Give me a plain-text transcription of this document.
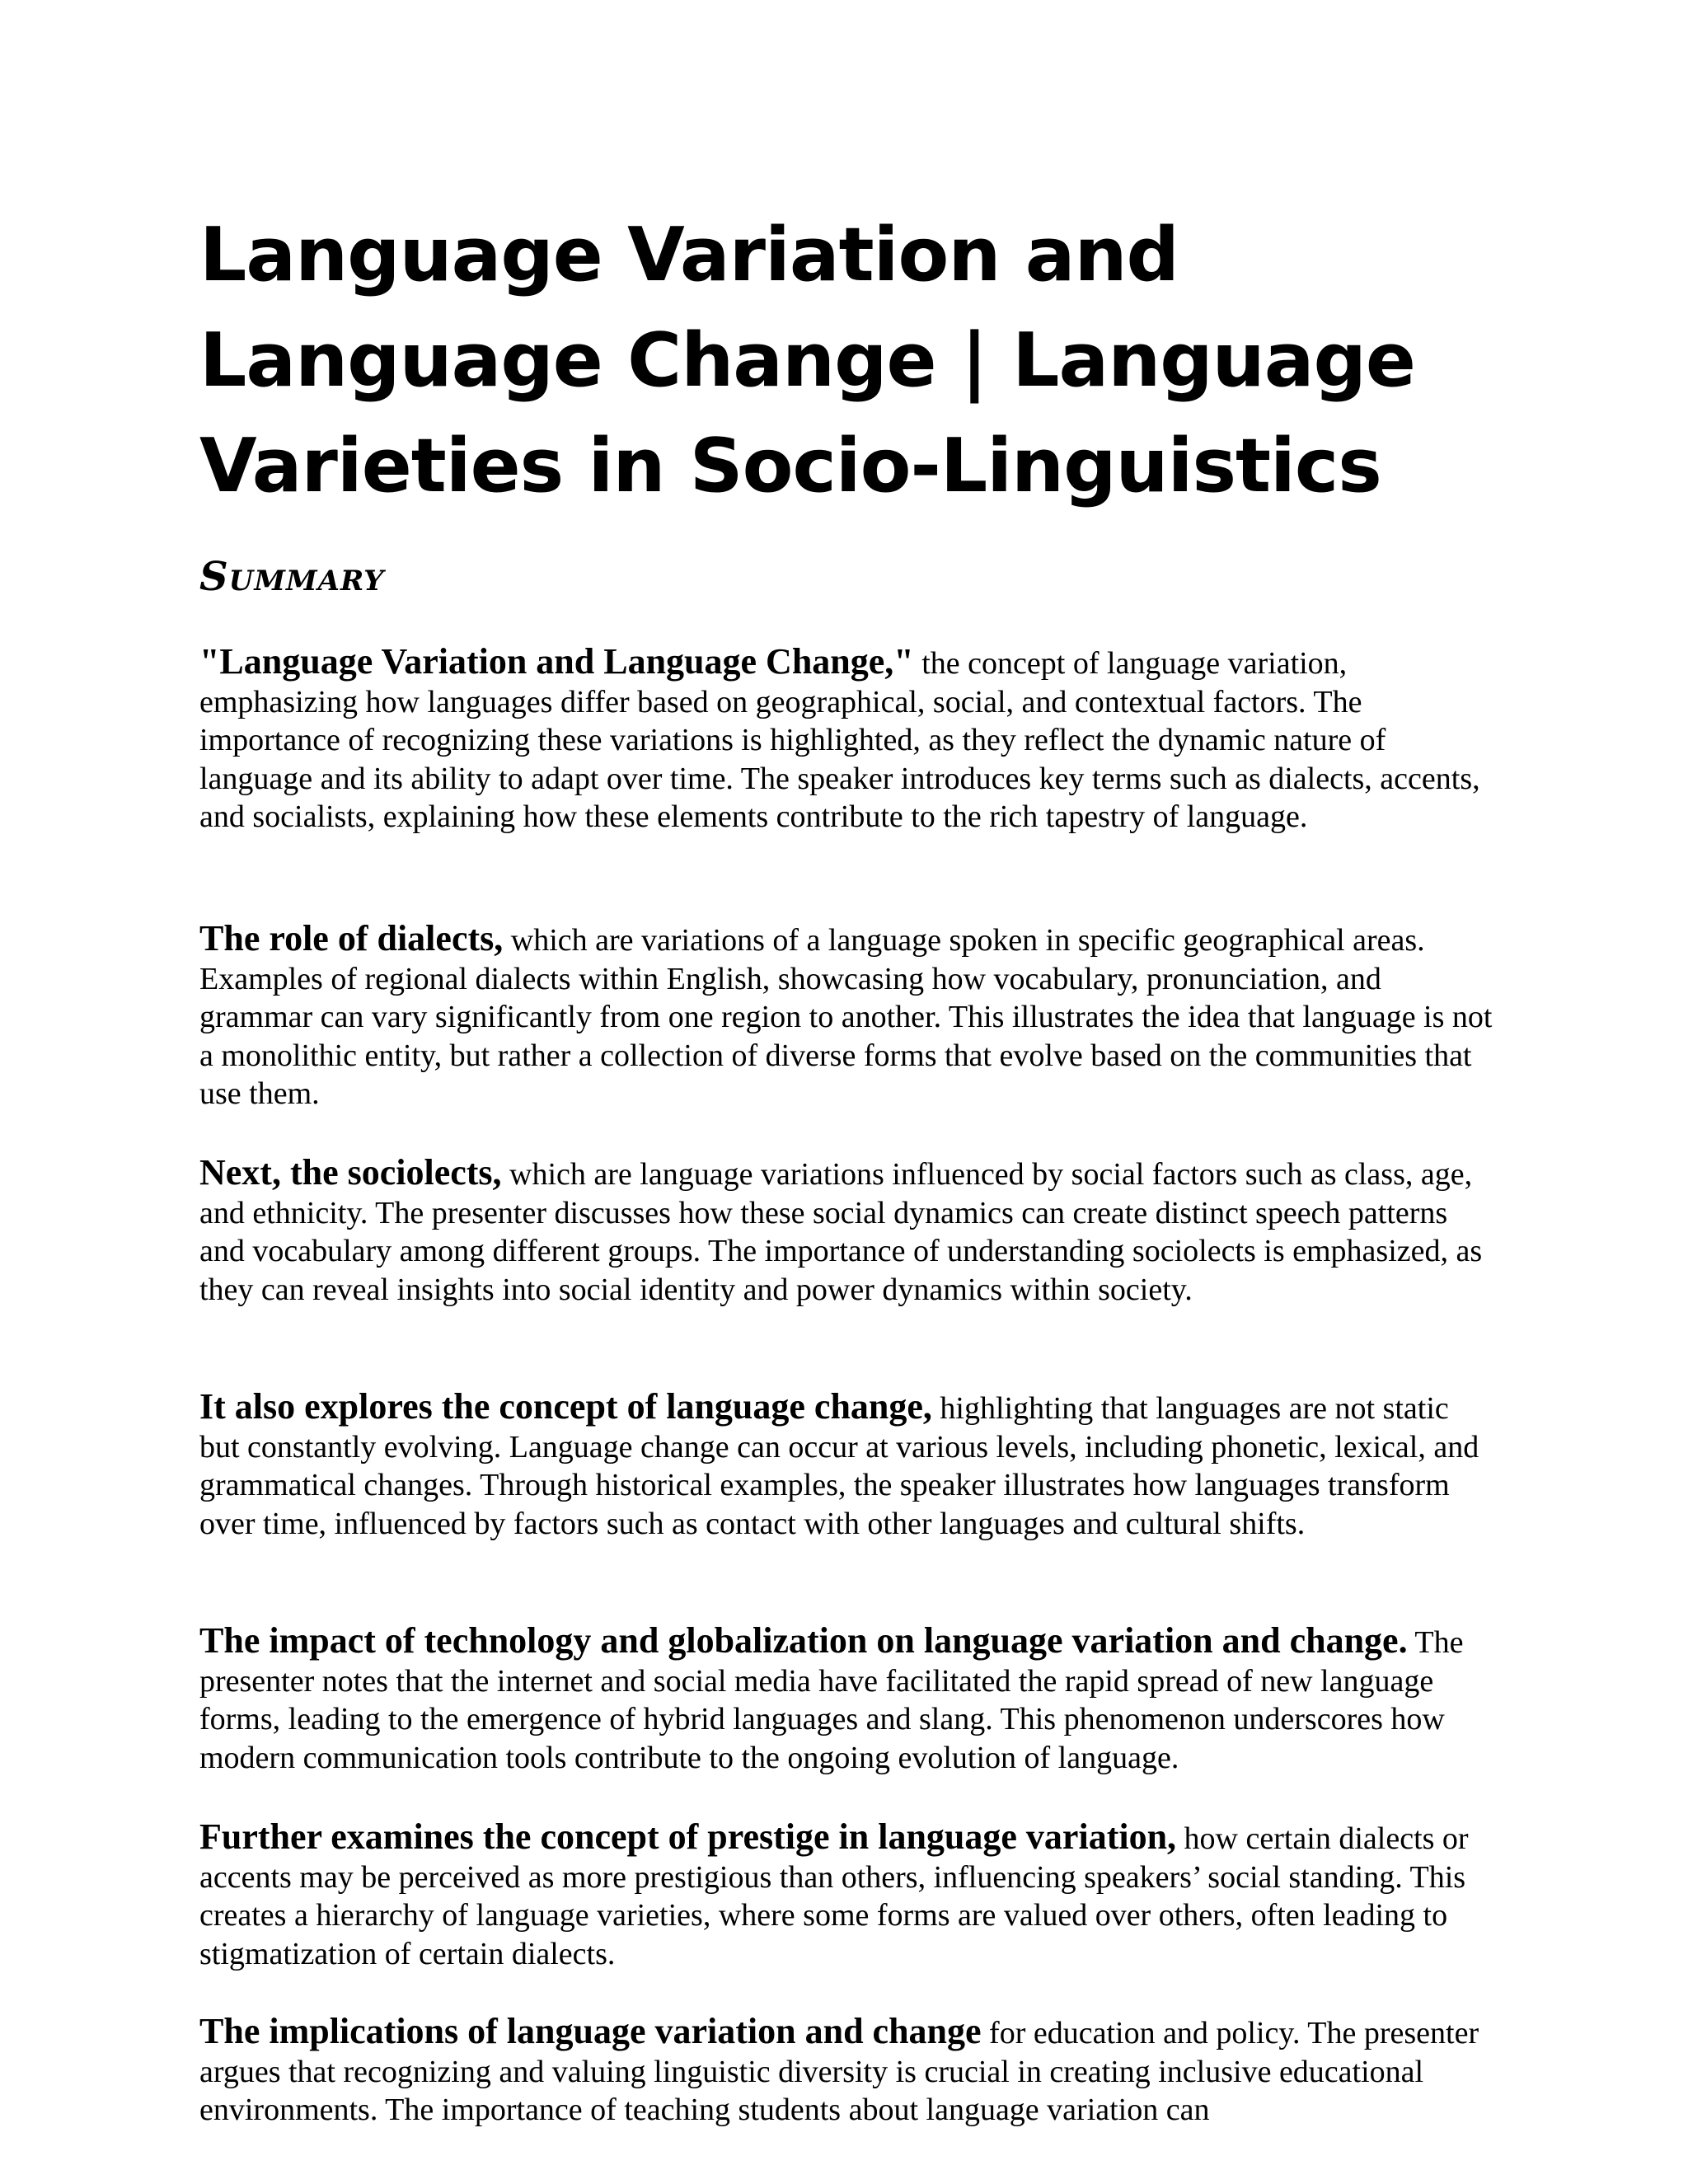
Language Variation and Language Change | Language Varieties in Socio-Linguistics
Summary

"Language Variation and Language Change," the concept of language variation, emphasizing how languages differ based on geographical, social, and contextual factors. The importance of recognizing these variations is highlighted, as they reflect the dynamic nature of language and its ability to adapt over time. The speaker introduces key terms such as dialects, accents, and socialists, explaining how these elements contribute to the rich tapestry of language.

The role of dialects, which are variations of a language spoken in specific geographical areas. Examples of regional dialects within English, showcasing how vocabulary, pronunciation, and grammar can vary significantly from one region to another. This illustrates the idea that language is not a monolithic entity, but rather a collection of diverse forms that evolve based on the communities that use them.

Next, the sociolects, which are language variations influenced by social factors such as class, age, and ethnicity. The presenter discusses how these social dynamics can create distinct speech patterns and vocabulary among different groups. The importance of understanding sociolects is emphasized, as they can reveal insights into social identity and power dynamics within society.

It also explores the concept of language change, highlighting that languages are not static but constantly evolving. Language change can occur at various levels, including phonetic, lexical, and grammatical changes. Through historical examples, the speaker illustrates how languages transform over time, influenced by factors such as contact with other languages and cultural shifts.

The impact of technology and globalization on language variation and change. The presenter notes that the internet and social media have facilitated the rapid spread of new language forms, leading to the emergence of hybrid languages and slang. This phenomenon underscores how modern communication tools contribute to the ongoing evolution of language.

Further examines the concept of prestige in language variation, how certain dialects or accents may be perceived as more prestigious than others, influencing speakers’ social standing. This creates a hierarchy of language varieties, where some forms are valued over others, often leading to stigmatization of certain dialects.

The implications of language variation and change for education and policy. The presenter argues that recognizing and valuing linguistic diversity is crucial in creating inclusive educational environments. The importance of teaching students about language variation can
